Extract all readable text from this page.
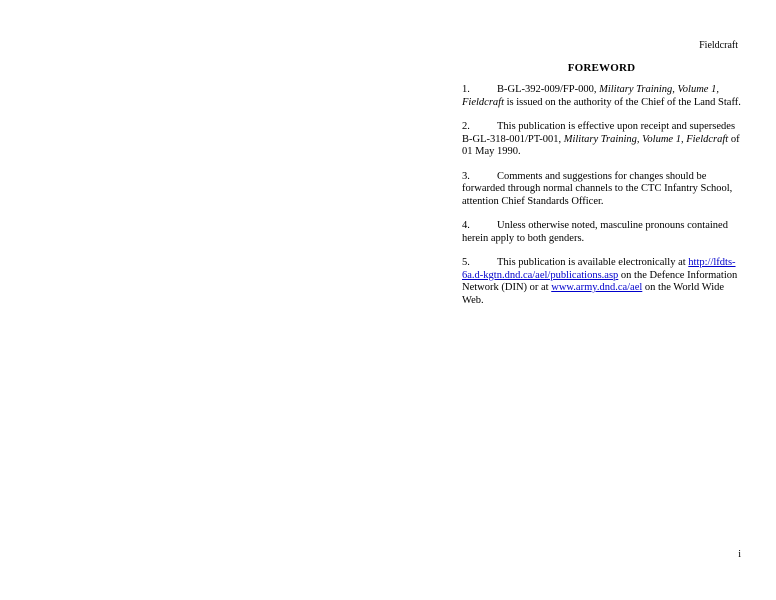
Fieldcraft
FOREWORD

1.	B-GL-392-009/FP-000, Military Training, Volume 1, Fieldcraft is issued on the authority of the Chief of the Land Staff.

2.	This publication is effective upon receipt and supersedes B-GL-318-001/PT-001, Military Training, Volume 1, Fieldcraft of 01 May 1990.

3.	Comments and suggestions for changes should be forwarded through normal channels to the CTC Infantry School, attention Chief Standards Officer.

4.	Unless otherwise noted, masculine pronouns contained herein apply to both genders.

5.	This publication is available electronically at http://lfdts-6a.d-kgtn.dnd.ca/ael/publications.asp on the Defence Information Network (DIN) or at www.army.dnd.ca/ael on the World Wide Web.

i
